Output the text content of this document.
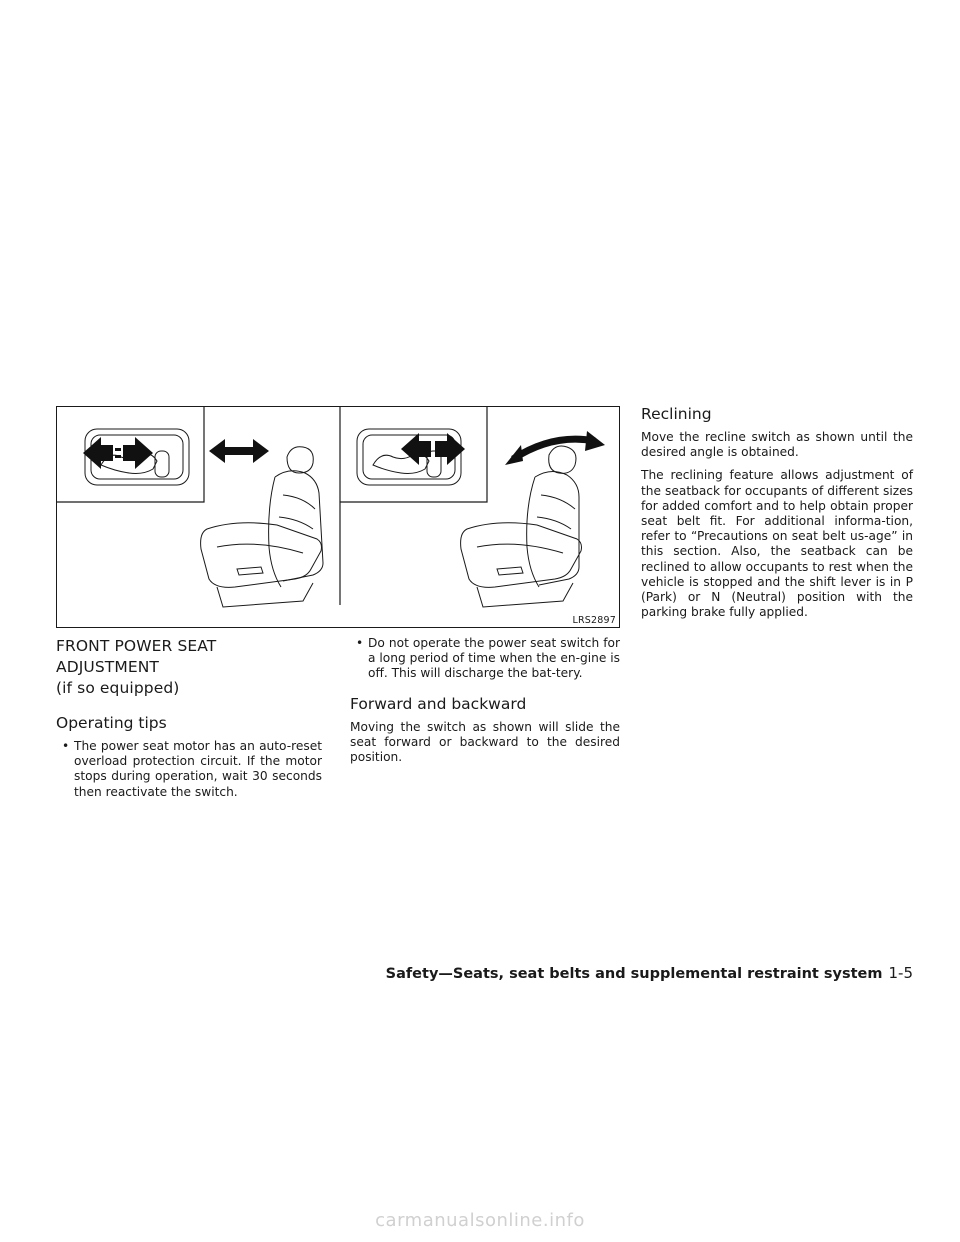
LRS2897
FRONT POWER SEAT ADJUSTMENT
(if so equipped)
Operating tips
• The power seat motor has an auto-reset overload protection circuit. If the motor stops during operation, wait 30 seconds then reactivate the switch.
• Do not operate the power seat switch for a long period of time when the en-gine is off. This will discharge the bat-tery.
Forward and backward

Moving the switch as shown will slide the seat forward or backward to the desired position.

Reclining

Move the recline switch as shown until the desired angle is obtained.

The reclining feature allows adjustment of the seatback for occupants of different sizes for added comfort and to help obtain proper seat belt fit. For additional informa-tion, refer to “Precautions on seat belt us-age” in this section. Also, the seatback can be reclined to allow occupants to rest when the vehicle is stopped and the shift lever is in P (Park) or N (Neutral) position with the parking brake fully applied.

Safety—Seats, seat belts and supplemental restraint system 1-5
carmanualsonline.info
